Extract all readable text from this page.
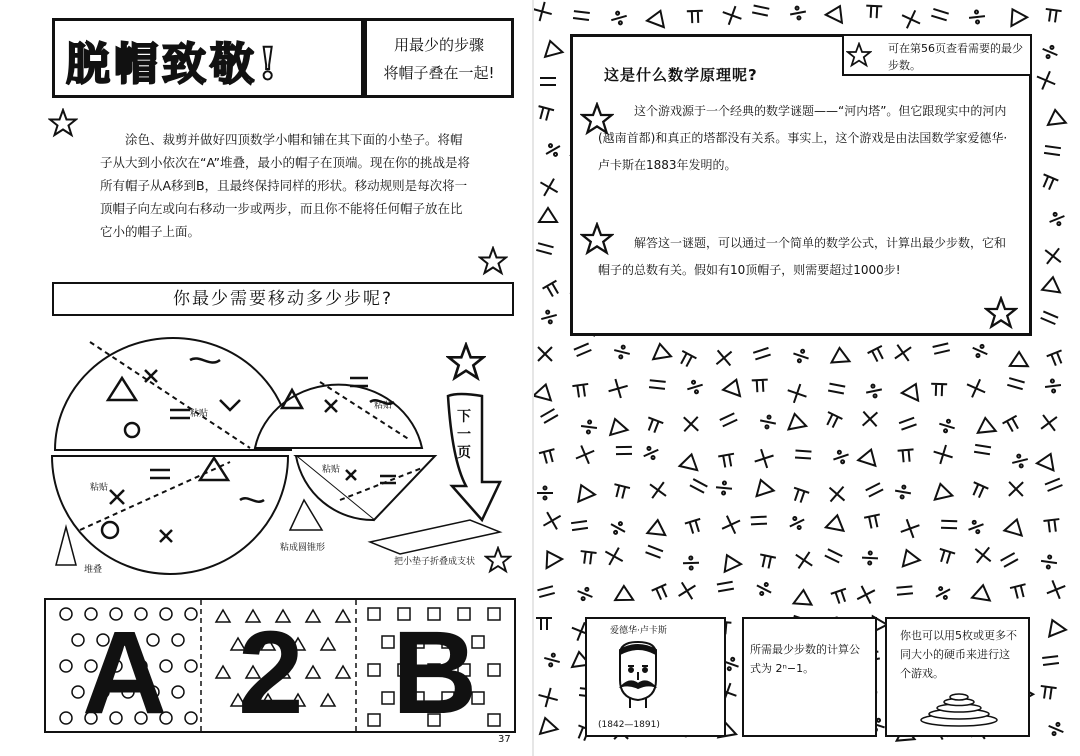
脱帽致敬!	用最少的步骤
将帽子叠在一起!

涂色、裁剪并做好四顶数学小帽和铺在其下面的小垫子。将帽子从大到小依次在“A”堆叠，最小的帽子在顶端。现在你的挑战是将所有帽子从A移到B，且最终保持同样的形状。移动规则是每次将一顶帽子向左或向右移动一步或两步，而且你不能将任何帽子放在比它小的帽子上面。

你最少需要移动多少步呢?
粘贴
粘贴
粘贴
粘贴
粘成圆锥形
堆叠
把小垫子折叠成支状
下
一
页
A 2 B
37
可在第56页查看需要的最少步数。
这是什么数学原理呢?

这个游戏源于一个经典的数学谜题——“河内塔”。但它跟现实中的河内(越南首都)和真正的塔都没有关系。事实上，这个游戏是由法国数学家爱德华·卢卡斯在1883年发明的。

解答这一谜题，可以通过一个简单的数学公式，计算出最少步数，它和帽子的总数有关。假如有10顶帽子，则需要超过1000步!

爱德华·卢卡斯
(1842—1891)
所需最少步数的计算公式为 2ⁿ−1。
你也可以用5枚或更多不同大小的硬币来进行这个游戏。
